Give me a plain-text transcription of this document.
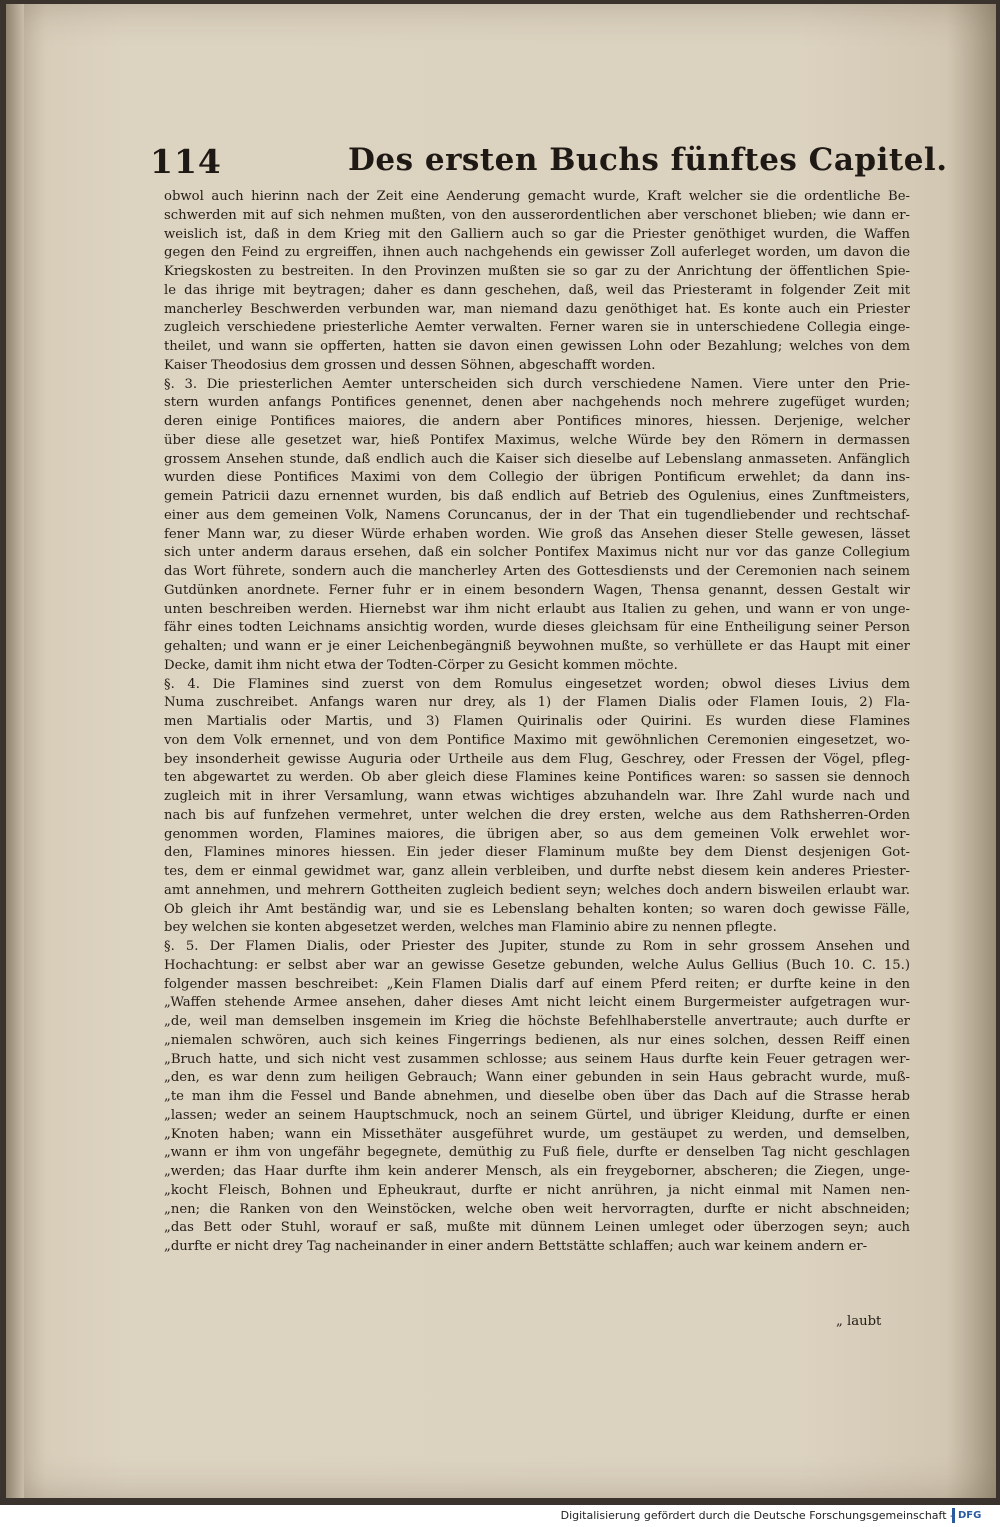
114	Des ersten Buchs fünftes Capitel.
obwol auch hierinn nach der Zeit eine Aenderung gemacht wurde, Kraft welcher sie die ordentliche Be-
schwerden mit auf sich nehmen mußten, von den ausserordentlichen aber verschonet blieben; wie dann er-
weislich ist, daß in dem Krieg mit den Galliern auch so gar die Priester genöthiget wurden, die Waffen
gegen den Feind zu ergreiffen, ihnen auch nachgehends ein gewisser Zoll auferleget worden, um davon die
Kriegskosten zu bestreiten. In den Provinzen mußten sie so gar zu der Anrichtung der öffentlichen Spie-
le das ihrige mit beytragen; daher es dann geschehen, daß, weil das Priesteramt in folgender Zeit mit
mancherley Beschwerden verbunden war, man niemand dazu genöthiget hat. Es konte auch ein Priester
zugleich verschiedene priesterliche Aemter verwalten. Ferner waren sie in unterschiedene Collegia einge-
theilet, und wann sie opfferten, hatten sie davon einen gewissen Lohn oder Bezahlung; welches von dem
Kaiser Theodosius dem grossen und dessen Söhnen, abgeschafft worden.
§. 3. Die priesterlichen Aemter unterscheiden sich durch verschiedene Namen. Viere unter den Prie-
stern wurden anfangs Pontifices genennet, denen aber nachgehends noch mehrere zugefüget wurden;
deren einige Pontifices maiores, die andern aber Pontifices minores, hiessen. Derjenige, welcher
über diese alle gesetzet war, hieß Pontifex Maximus, welche Würde bey den Römern in dermassen
grossem Ansehen stunde, daß endlich auch die Kaiser sich dieselbe auf Lebenslang anmasseten. Anfänglich
wurden diese Pontifices Maximi von dem Collegio der übrigen Pontificum erwehlet; da dann ins-
gemein Patricii dazu ernennet wurden, bis daß endlich auf Betrieb des Ogulenius, eines Zunftmeisters,
einer aus dem gemeinen Volk, Namens Coruncanus, der in der That ein tugendliebender und rechtschaf-
fener Mann war, zu dieser Würde erhaben worden. Wie groß das Ansehen dieser Stelle gewesen, lässet
sich unter anderm daraus ersehen, daß ein solcher Pontifex Maximus nicht nur vor das ganze Collegium
das Wort führete, sondern auch die mancherley Arten des Gottesdiensts und der Ceremonien nach seinem
Gutdünken anordnete. Ferner fuhr er in einem besondern Wagen, Thensa genannt, dessen Gestalt wir
unten beschreiben werden. Hiernebst war ihm nicht erlaubt aus Italien zu gehen, und wann er von unge-
fähr eines todten Leichnams ansichtig worden, wurde dieses gleichsam für eine Entheiligung seiner Person
gehalten; und wann er je einer Leichenbegängniß beywohnen mußte, so verhüllete er das Haupt mit einer
Decke, damit ihm nicht etwa der Todten-Cörper zu Gesicht kommen möchte.
§. 4. Die Flamines sind zuerst von dem Romulus eingesetzet worden; obwol dieses Livius dem
Numa zuschreibet. Anfangs waren nur drey, als 1) der Flamen Dialis oder Flamen Iouis, 2) Fla-
men Martialis oder Martis, und 3) Flamen Quirinalis oder Quirini. Es wurden diese Flamines
von dem Volk ernennet, und von dem Pontifice Maximo mit gewöhnlichen Ceremonien eingesetzet, wo-
bey insonderheit gewisse Auguria oder Urtheile aus dem Flug, Geschrey, oder Fressen der Vögel, pfleg-
ten abgewartet zu werden. Ob aber gleich diese Flamines keine Pontifices waren: so sassen sie dennoch
zugleich mit in ihrer Versamlung, wann etwas wichtiges abzuhandeln war. Ihre Zahl wurde nach und
nach bis auf funfzehen vermehret, unter welchen die drey ersten, welche aus dem Rathsherren-Orden
genommen worden, Flamines maiores, die übrigen aber, so aus dem gemeinen Volk erwehlet wor-
den, Flamines minores hiessen. Ein jeder dieser Flaminum mußte bey dem Dienst desjenigen Got-
tes, dem er einmal gewidmet war, ganz allein verbleiben, und durfte nebst diesem kein anderes Priester-
amt annehmen, und mehrern Gottheiten zugleich bedient seyn; welches doch andern bisweilen erlaubt war.
Ob gleich ihr Amt beständig war, und sie es Lebenslang behalten konten; so waren doch gewisse Fälle,
bey welchen sie konten abgesetzet werden, welches man Flaminio abire zu nennen pflegte.
§. 5. Der Flamen Dialis, oder Priester des Jupiter, stunde zu Rom in sehr grossem Ansehen und
Hochachtung: er selbst aber war an gewisse Gesetze gebunden, welche Aulus Gellius (Buch 10. C. 15.)
folgender massen beschreibet: „Kein Flamen Dialis darf auf einem Pferd reiten; er durfte keine in den
„Waffen stehende Armee ansehen, daher dieses Amt nicht leicht einem Burgermeister aufgetragen wur-
„de, weil man demselben insgemein im Krieg die höchste Befehlhaberstelle anvertraute; auch durfte er
„niemalen schwören, auch sich keines Fingerrings bedienen, als nur eines solchen, dessen Reiff einen
„Bruch hatte, und sich nicht vest zusammen schlosse; aus seinem Haus durfte kein Feuer getragen wer-
„den, es war denn zum heiligen Gebrauch; Wann einer gebunden in sein Haus gebracht wurde, muß-
„te man ihm die Fessel und Bande abnehmen, und dieselbe oben über das Dach auf die Strasse herab
„lassen; weder an seinem Hauptschmuck, noch an seinem Gürtel, und übriger Kleidung, durfte er einen
„Knoten haben; wann ein Missethäter ausgeführet wurde, um gestäupet zu werden, und demselben,
„wann er ihm von ungefähr begegnete, demüthig zu Fuß fiele, durfte er denselben Tag nicht geschlagen
„werden; das Haar durfte ihm kein anderer Mensch, als ein freygeborner, abscheren; die Ziegen, unge-
„kocht Fleisch, Bohnen und Epheukraut, durfte er nicht anrühren, ja nicht einmal mit Namen nen-
„nen; die Ranken von den Weinstöcken, welche oben weit hervorragten, durfte er nicht abschneiden;
„das Bett oder Stuhl, worauf er saß, mußte mit dünnem Leinen umleget oder überzogen seyn; auch
„durfte er nicht drey Tag nacheinander in einer andern Bettstätte schlaffen; auch war keinem andern er-
„ laubt
Digitalisierung gefördert durch die Deutsche Forschungsgemeinschaft - DFG
